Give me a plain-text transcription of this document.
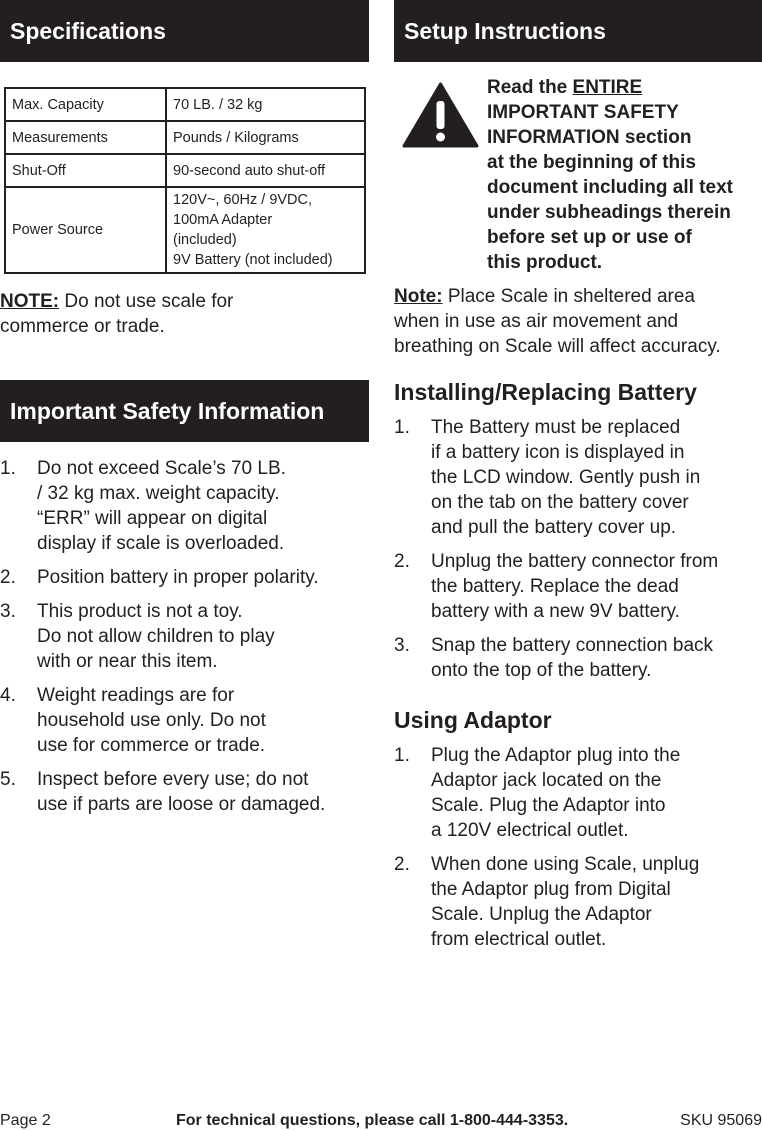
Specifications
Max. Capacity	70 LB. / 32 kg
Measurements	Pounds / Kilograms
Shut-Off	90-second auto shut-off
Power Source	120V~, 60Hz / 9VDC,
100mA Adapter
(included)
9V Battery (not included)
NOTE: Do not use scale for
commerce or trade.
Important Safety Information
1. Do not exceed Scale’s 70 LB.
/ 32 kg max. weight capacity.
“ERR” will appear on digital
display if scale is overloaded.
2. Position battery in proper polarity.
3. This product is not a toy.
Do not allow children to play
with or near this item.
4. Weight readings are for
household use only. Do not
use for commerce or trade.
5. Inspect before every use; do not
use if parts are loose or damaged.
Setup Instructions
Read the ENTIRE
IMPORTANT SAFETY
INFORMATION section
at the beginning of this
document including all text
under subheadings therein
before set up or use of
this product.
Note: Place Scale in sheltered area
when in use as air movement and
breathing on Scale will affect accuracy.
Installing/Replacing Battery
1. The Battery must be replaced
if a battery icon is displayed in
the LCD window. Gently push in
on the tab on the battery cover
and pull the battery cover up.
2. Unplug the battery connector from
the battery. Replace the dead
battery with a new 9V battery.
3. Snap the battery connection back
onto the top of the battery.
Using Adaptor
1. Plug the Adaptor plug into the
Adaptor jack located on the
Scale. Plug the Adaptor into
a 120V electrical outlet.
2. When done using Scale, unplug
the Adaptor plug from Digital
Scale. Unplug the Adaptor
from electrical outlet.
Page 2	For technical questions, please call 1-800-444-3353.	SKU 95069
